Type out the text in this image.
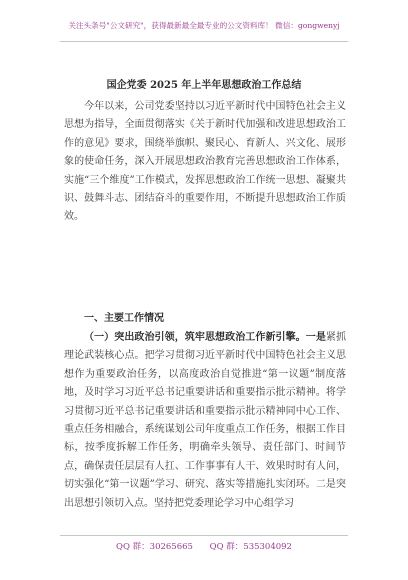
关注头条号"公文研究"，获得最新最全最专业的公文资料库！ 微信：gongwenyj
国企党委 2025 年上半年思想政治工作总结

今年以来，公司党委坚持以习近平新时代中国特色社会主义思想为指导，全面贯彻落实《关于新时代加强和改进思想政治工作的意见》要求，围绕举旗帜、聚民心、育新人、兴文化、展形象的使命任务，深入开展思想政治教育完善思想政治工作体系，实施“三个维度”工作模式，发挥思想政治工作统一思想、凝聚共识、鼓舞斗志、团结奋斗的重要作用，不断提升思想政治工作质效。

一、主要工作情况

（一）突出政治引领，筑牢思想政治工作新引擎。一是紧抓理论武装核心点。把学习贯彻习近平新时代中国特色社会主义思想作为重要政治任务，以高度政治自觉推进“第一议题”制度落地，及时学习习近平总书记重要讲话和重要指示批示精神。将学习贯彻习近平总书记重要讲话和重要指示批示精神同中心工作、重点任务相融合，系统谋划公司年度重点工作任务，根据工作目标，按季度拆解工作任务，明确牵头领导、责任部门、时间节点，确保责任层层有人扛、工作事事有人干、效果时时有人问，切实强化“第一议题”学习、研究、落实等措施扎实闭环。二是突出思想引领切入点。坚持把党委理论学习中心组学习

QQ 群：30265665 QQ 群：535304092
